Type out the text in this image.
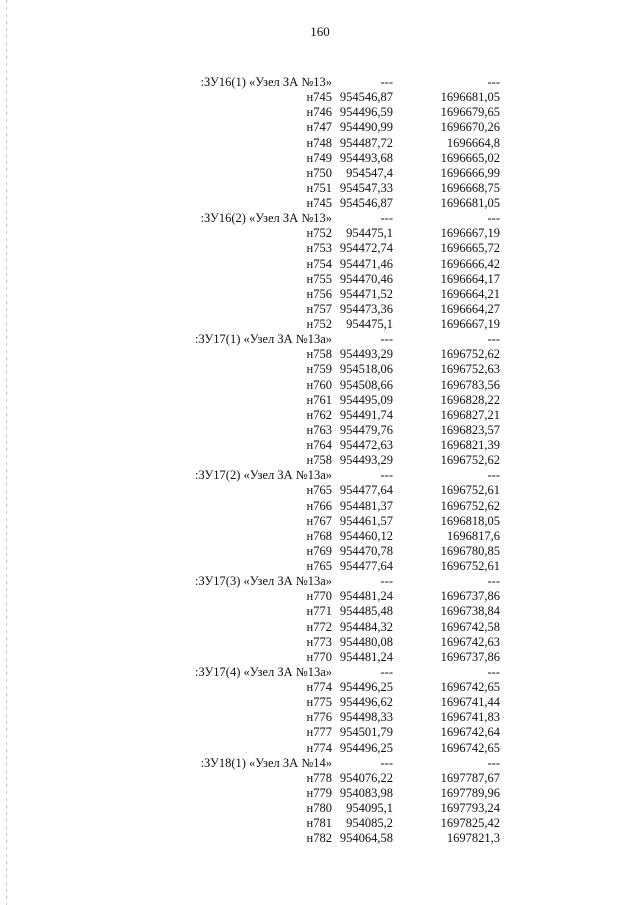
160
:ЗУ16(1) «Узел ЗА №13»	---	---
н745 954546,87	1696681,05
н746 954496,59	1696679,65
н747 954490,99	1696670,26
н748 954487,72	1696664,8
н749 954493,68	1696665,02
н750 954547,4	1696666,99
н751 954547,33	1696668,75
н745 954546,87	1696681,05
:ЗУ16(2) «Узел ЗА №13»	---	---
н752 954475,1	1696667,19
н753 954472,74	1696665,72
н754 954471,46	1696666,42
н755 954470,46	1696664,17
н756 954471,52	1696664,21
н757 954473,36	1696664,27
н752 954475,1	1696667,19
:ЗУ17(1) «Узел ЗА №13а»	---	---
н758 954493,29	1696752,62
н759 954518,06	1696752,63
н760 954508,66	1696783,56
н761 954495,09	1696828,22
н762 954491,74	1696827,21
н763 954479,76	1696823,57
н764 954472,63	1696821,39
н758 954493,29	1696752,62
:ЗУ17(2) «Узел ЗА №13а»	---	---
н765 954477,64	1696752,61
н766 954481,37	1696752,62
н767 954461,57	1696818,05
н768 954460,12	1696817,6
н769 954470,78	1696780,85
н765 954477,64	1696752,61
:ЗУ17(3) «Узел ЗА №13а»	---	---
н770 954481,24	1696737,86
н771 954485,48	1696738,84
н772 954484,32	1696742,58
н773 954480,08	1696742,63
н770 954481,24	1696737,86
:ЗУ17(4) «Узел ЗА №13а»	---	---
н774 954496,25	1696742,65
н775 954496,62	1696741,44
н776 954498,33	1696741,83
н777 954501,79	1696742,64
н774 954496,25	1696742,65
:ЗУ18(1) «Узел ЗА №14»	---	---
н778 954076,22	1697787,67
н779 954083,98	1697789,96
н780 954095,1	1697793,24
н781 954085,2	1697825,42
н782 954064,58	1697821,3
